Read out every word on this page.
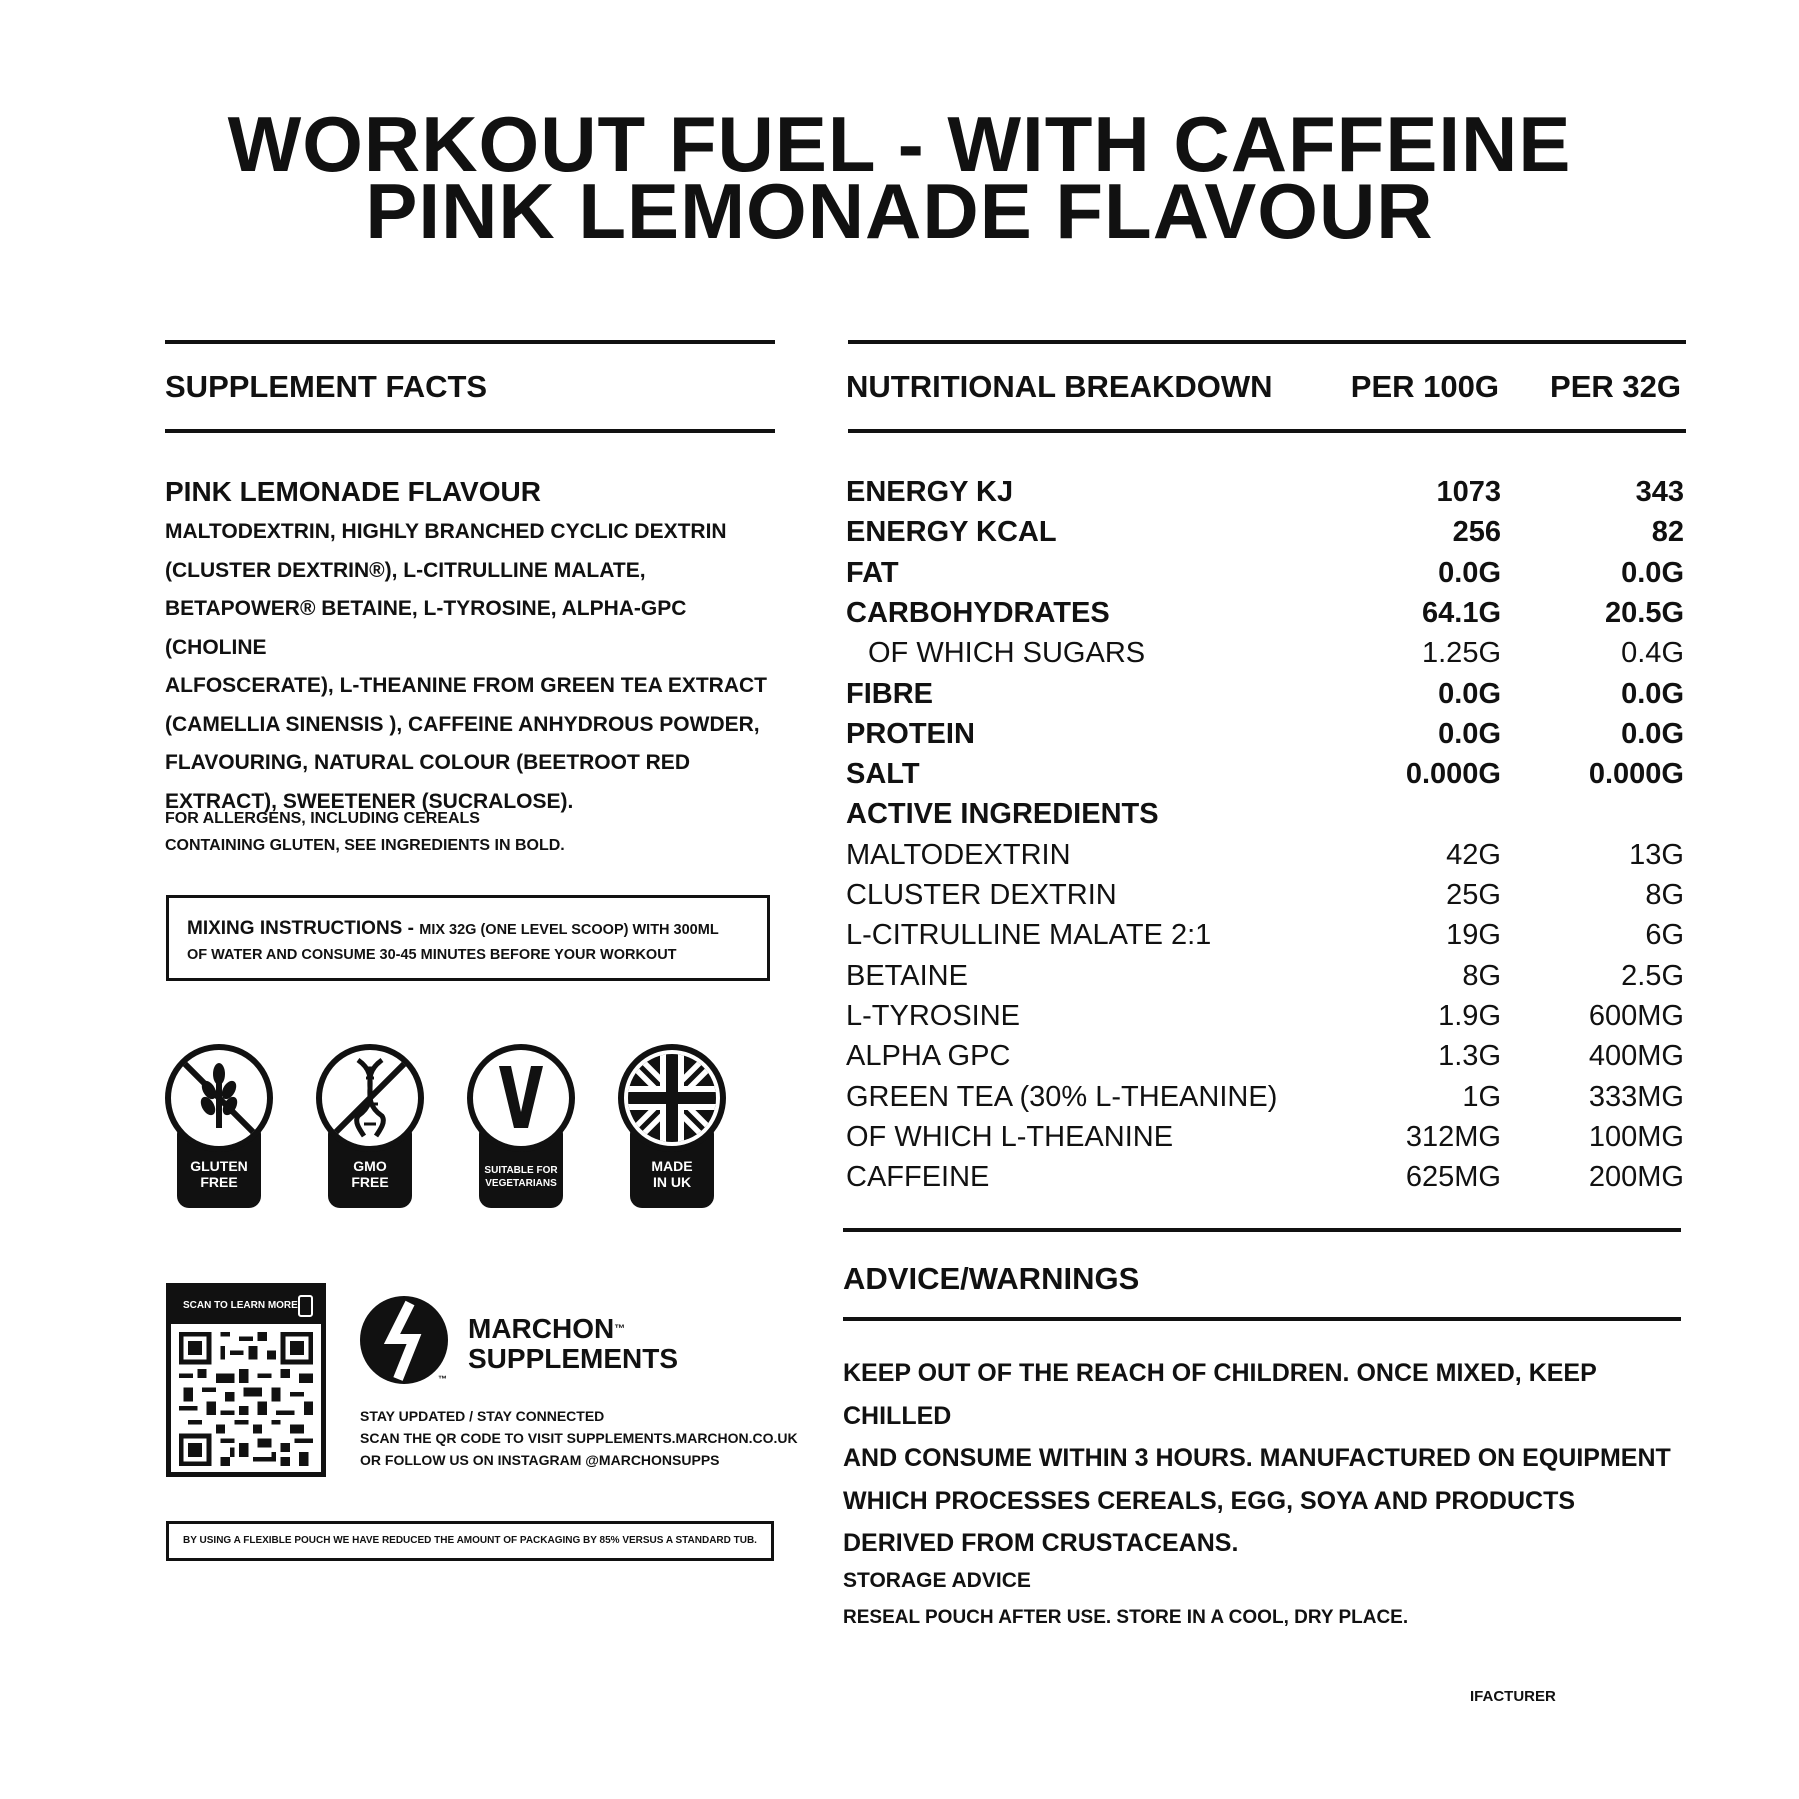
WORKOUT FUEL - WITH CAFFEINE
PINK LEMONADE FLAVOUR
SUPPLEMENT FACTS
PINK LEMONADE FLAVOUR
MALTODEXTRIN, HIGHLY BRANCHED CYCLIC DEXTRIN
(CLUSTER DEXTRIN®), L-CITRULLINE MALATE,
BETAPOWER® BETAINE, L-TYROSINE, ALPHA-GPC (CHOLINE
ALFOSCERATE), L-THEANINE FROM GREEN TEA EXTRACT
(CAMELLIA SINENSIS ), CAFFEINE ANHYDROUS POWDER,
FLAVOURING, NATURAL COLOUR (BEETROOT RED
EXTRACT), SWEETENER (SUCRALOSE).
FOR ALLERGENS, INCLUDING CEREALS
CONTAINING GLUTEN, SEE INGREDIENTS IN BOLD.
MIXING INSTRUCTIONS - MIX 32G (ONE LEVEL SCOOP) WITH 300ML
OF WATER AND CONSUME 30-45 MINUTES BEFORE YOUR WORKOUT
GLUTEN
FREE
GMO
FREE
SUITABLE FOR
VEGETARIANS
MADE
IN UK
SCAN TO LEARN MORE
™
MARCHON™
SUPPLEMENTS
STAY UPDATED / STAY CONNECTED
SCAN THE QR CODE TO VISIT SUPPLEMENTS.MARCHON.CO.UK
OR FOLLOW US ON INSTAGRAM @MARCHONSUPPS
BY USING A FLEXIBLE POUCH WE HAVE REDUCED THE AMOUNT OF PACKAGING BY 85% VERSUS A STANDARD TUB.
NUTRITIONAL BREAKDOWN	PER 100G PER 32G
ENERGY KJ	1073	343
ENERGY KCAL	256	82
FAT	0.0G	0.0G
CARBOHYDRATES	64.1G	20.5G
OF WHICH SUGARS	1.25G	0.4G
FIBRE	0.0G	0.0G
PROTEIN	0.0G	0.0G
SALT	0.000G	0.000G
ACTIVE INGREDIENTS
MALTODEXTRIN	42G	13G
CLUSTER DEXTRIN	25G	8G
L-CITRULLINE MALATE 2:1	19G	6G
BETAINE	8G	2.5G
L-TYROSINE	1.9G	600MG
ALPHA GPC	1.3G	400MG
GREEN TEA (30% L-THEANINE)	1G	333MG
OF WHICH L-THEANINE	312MG	100MG
CAFFEINE	625MG	200MG
ADVICE/WARNINGS
KEEP OUT OF THE REACH OF CHILDREN. ONCE MIXED, KEEP CHILLED
AND CONSUME WITHIN 3 HOURS. MANUFACTURED ON EQUIPMENT
WHICH PROCESSES CEREALS, EGG, SOYA AND PRODUCTS
DERIVED FROM CRUSTACEANS.
STORAGE ADVICE
RESEAL POUCH AFTER USE. STORE IN A COOL, DRY PLACE.
IFACTURER
